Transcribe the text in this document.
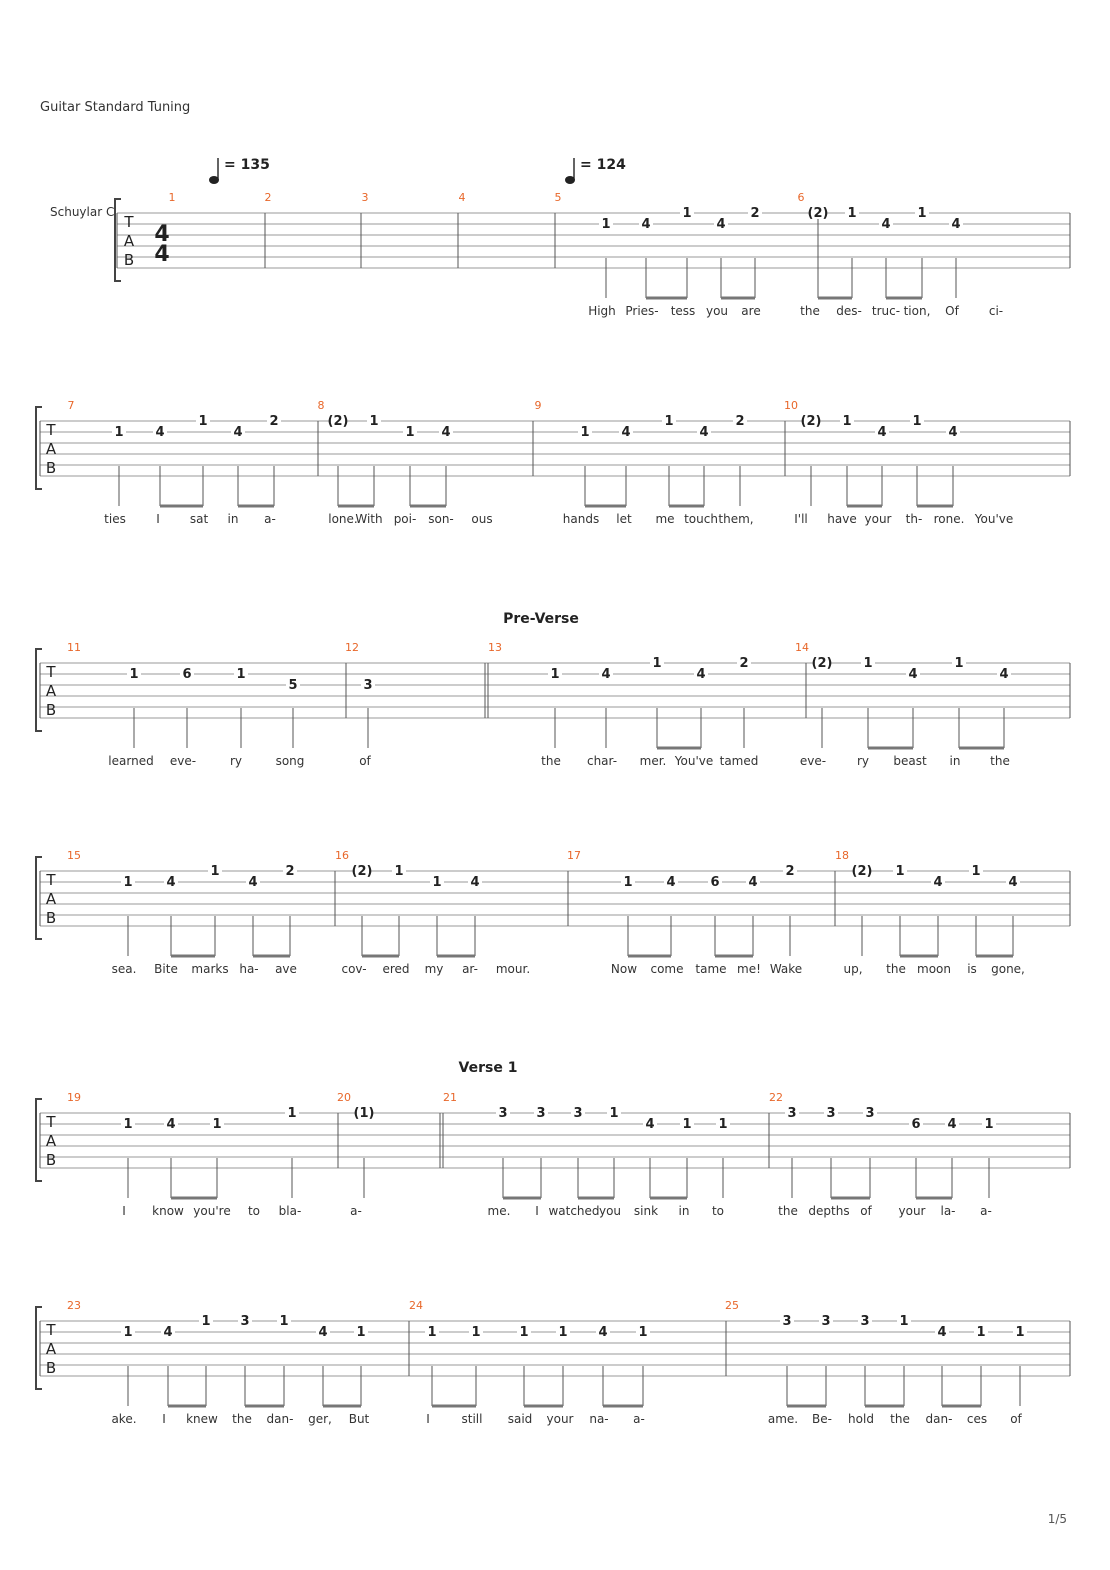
Guitar Standard Tuning
T
A
B
1	2	3	4	5	6
1 4
1
4
2	(2) 1
4
1
4
High Pries- tess you are	the des- truc- tion, Of	ci-
T
A
B
7	8	9	10
1 4
1
4
2	(2) 1
1 4	1 4
1
4
2	(2) 1
4
1
4
ties	I	sat in a-	lone.
With poi- son- ous	hands let me touch them,	I'll have your th- rone. You've
T
A
B
11	12	13	14
1	6	1
5	3
1	4
1
4
2	(2) 1
4
1
4
learned eve-	ry	song	of	the char- mer. You've tamed	eve-	ry beast in the
T
A
B
15	16	17	18
1	4
1
4
2	(2) 1
1 4	1	4	6 4
2	(2) 1
4
1
4
sea. Bite marks ha- ave	cov- ered my ar- mour.	Now come tame me! Wake	up, the moon is gone,
T
A
B
19	20	21	22
1	4	1
1	(1)	3 3 3 1
4 1 1
3 3 3
6 4 1
I know you're to bla-	a-	me. I watched you sink in to	the depths of your la- a-
T
A
B
23	24	25
1 4
1 3 1
4 1	1	1	1 1 4 1
3 3 3 1
4 1 1
ake. I knew the dan- ger, But	I	still said your na- a-	ame. Be- hold the dan- ces of
4
4
Schuylar C
= 135	= 124
Pre-Verse
Verse 1
1/5
